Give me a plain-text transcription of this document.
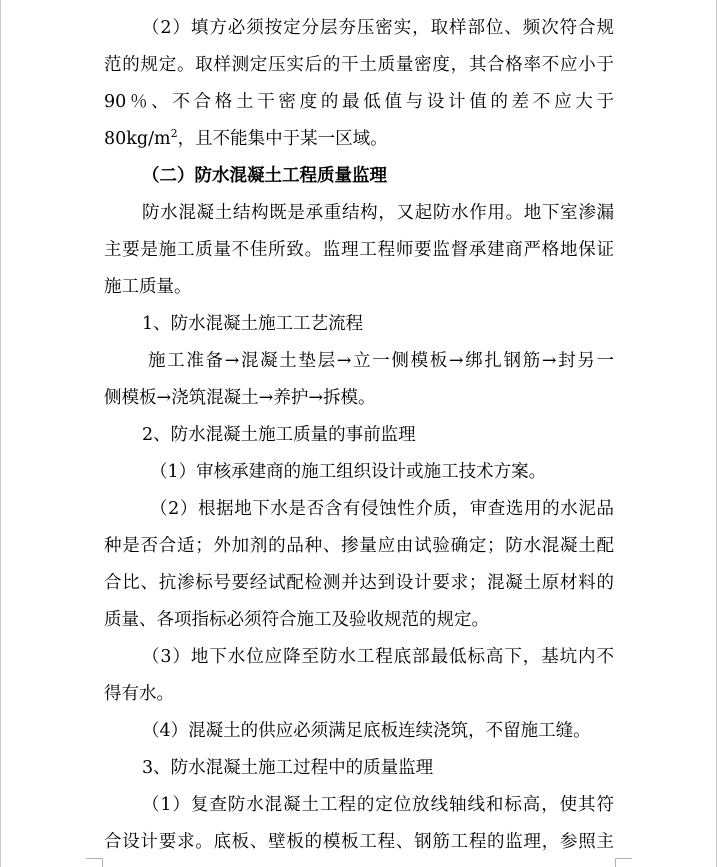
（2）填方必须按定分层夯压密实，取样部位、频次符合规
范的规定。取样测定压实后的干土质量密度，其合格率不应小于
90％、不合格土干密度的最低值与设计值的差不应大于
$80kg/m^2$，且不能集中于某一区域。
（二）防水混凝土工程质量监理
防水混凝土结构既是承重结构，又起防水作用。地下室渗漏
主要是施工质量不佳所致。监理工程师要监督承建商严格地保证
施工质量。
1、防水混凝土施工工艺流程
施工准备→混凝土垫层→立一侧模板→绑扎钢筋→封另一
侧模板→浇筑混凝土→养护→拆模。
2、防水混凝土施工质量的事前监理
（1）审核承建商的施工组织设计或施工技术方案。
（2）根据地下水是否含有侵蚀性介质，审查选用的水泥品
种是否合适；外加剂的品种、掺量应由试验确定；防水混凝土配
合比、抗渗标号要经试配检测并达到设计要求；混凝土原材料的
质量、各项指标必须符合施工及验收规范的规定。
（3）地下水位应降至防水工程底部最低标高下，基坑内不
得有水。
（4）混凝土的供应必须满足底板连续浇筑，不留施工缝。
3、防水混凝土施工过程中的质量监理
（1）复查防水混凝土工程的定位放线轴线和标高，使其符
合设计要求。底板、壁板的模板工程、钢筋工程的监理，参照主
